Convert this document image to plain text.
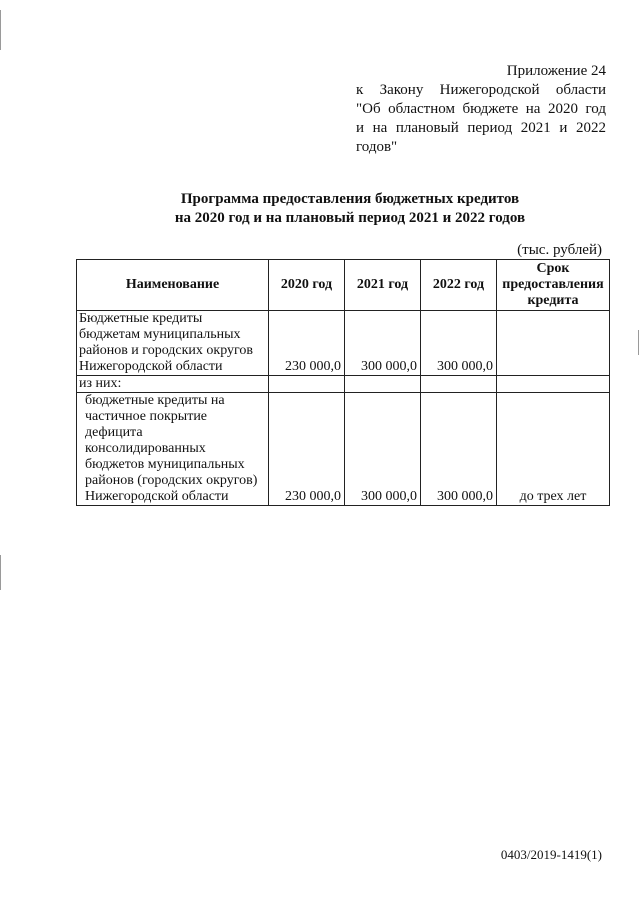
Приложение 24
к Закону Нижегородской области
"Об областном бюджете на 2020 год
и на плановый период 2021 и 2022
годов"
Программа предоставления бюджетных кредитов
на 2020 год и на плановый период 2021 и 2022 годов
(тыс. рублей)
Наименование	2020 год	2021 год	2022 год	Срок предоставления кредита
Бюджетные кредиты бюджетам муниципальных районов и городских округов Нижегородской области	230 000,0	300 000,0	300 000,0	
из них:				
бюджетные кредиты на частичное покрытие дефицита консолидированных бюджетов муниципальных районов (городских округов) Нижегородской области	230 000,0	300 000,0	300 000,0	до трех лет
0403/2019-1419(1)
